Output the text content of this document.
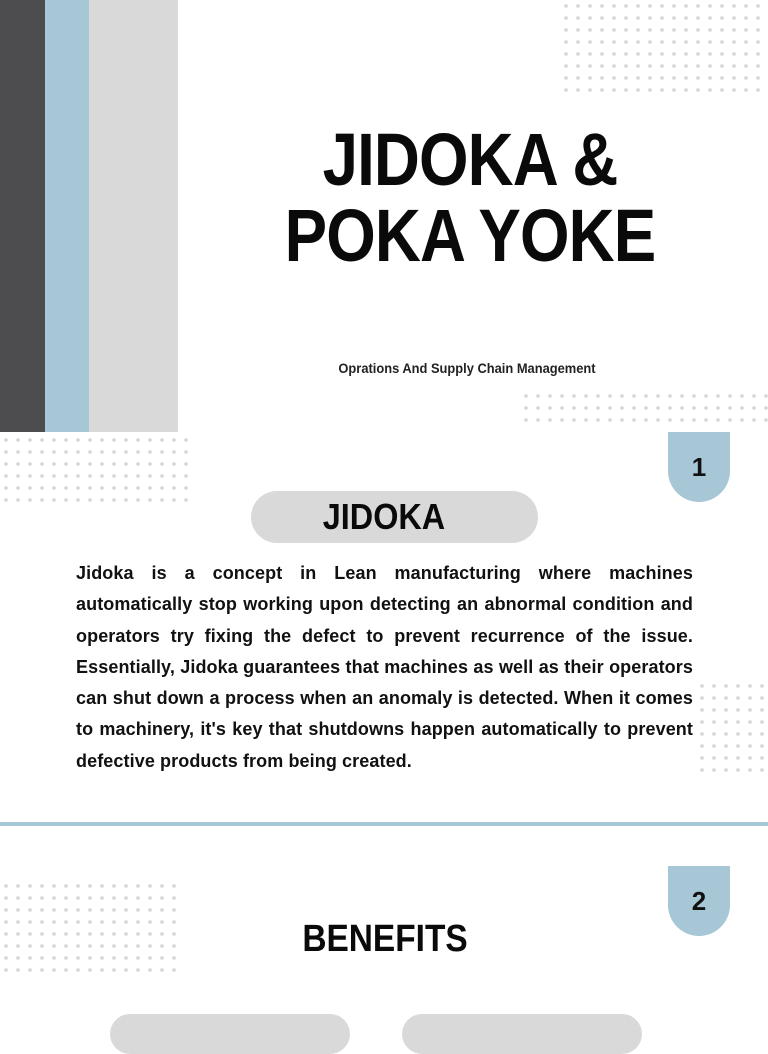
JIDOKA &
POKA YOKE
Oprations And Supply Chain Management
1
JIDOKA
Jidoka is a concept in Lean manufacturing where machines automatically stop working upon detecting an abnormal condition and operators try fixing the defect to prevent recurrence of the issue. Essentially, Jidoka guarantees that machines as well as their operators can shut down a process when an anomaly is detected. When it comes to machinery, it's key that shutdowns happen automatically to prevent defective products from being created.
2
BENEFITS
